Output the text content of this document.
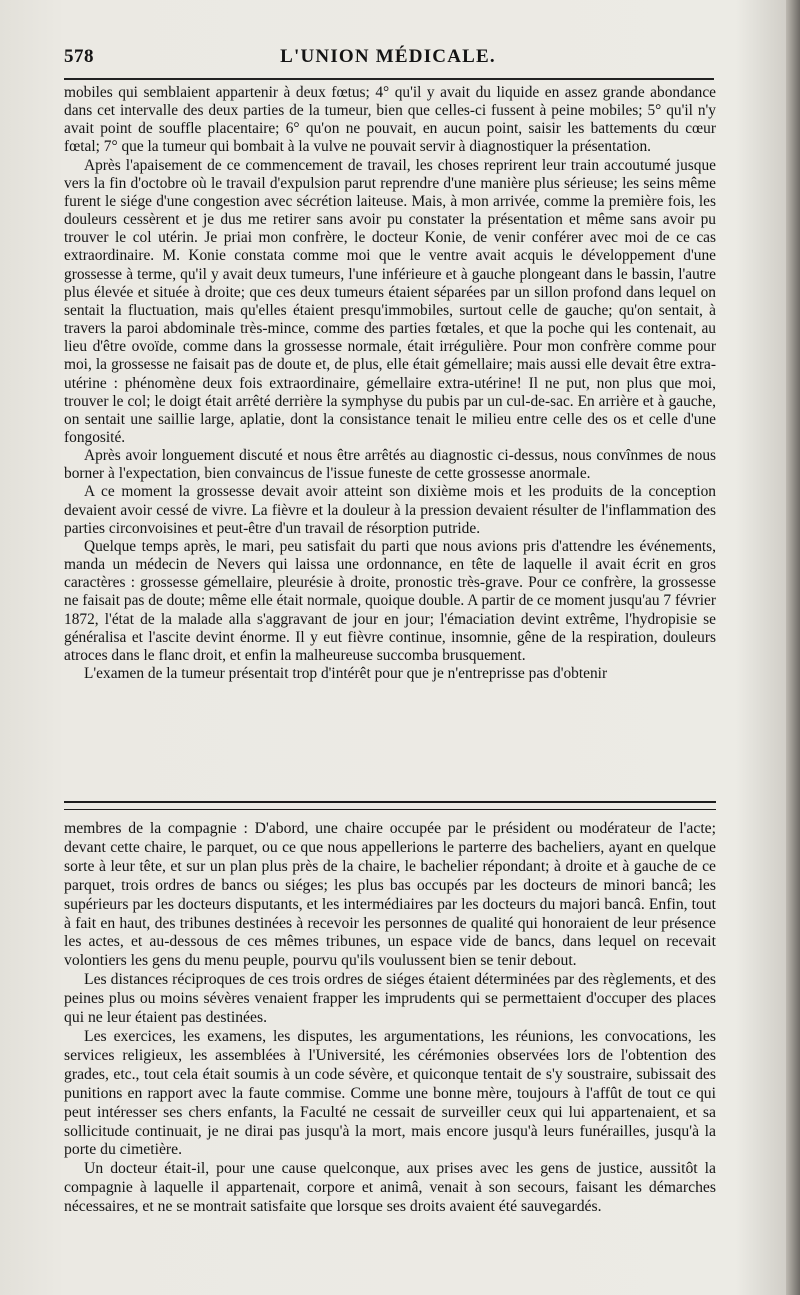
578	L'UNION MÉDICALE.

mobiles qui semblaient appartenir à deux fœtus; 4° qu'il y avait du liquide en assez grande abondance dans cet intervalle des deux parties de la tumeur, bien que celles-ci fussent à peine mobiles; 5° qu'il n'y avait point de souffle placentaire; 6° qu'on ne pouvait, en aucun point, saisir les battements du cœur fœtal; 7° que la tumeur qui bombait à la vulve ne pouvait servir à diagnostiquer la présentation.

Après l'apaisement de ce commencement de travail, les choses reprirent leur train accoutumé jusque vers la fin d'octobre où le travail d'expulsion parut reprendre d'une manière plus sérieuse; les seins même furent le siége d'une congestion avec sécrétion laiteuse. Mais, à mon arrivée, comme la première fois, les douleurs cessèrent et je dus me retirer sans avoir pu constater la présentation et même sans avoir pu trouver le col utérin. Je priai mon confrère, le docteur Konie, de venir conférer avec moi de ce cas extraordinaire. M. Konie constata comme moi que le ventre avait acquis le développement d'une grossesse à terme, qu'il y avait deux tumeurs, l'une inférieure et à gauche plongeant dans le bassin, l'autre plus élevée et située à droite; que ces deux tumeurs étaient séparées par un sillon profond dans lequel on sentait la fluctuation, mais qu'elles étaient presqu'immobiles, surtout celle de gauche; qu'on sentait, à travers la paroi abdominale très-mince, comme des parties fœtales, et que la poche qui les contenait, au lieu d'être ovoïde, comme dans la grossesse normale, était irrégulière. Pour mon confrère comme pour moi, la grossesse ne faisait pas de doute et, de plus, elle était gémellaire; mais aussi elle devait être extra-utérine : phénomène deux fois extraordinaire, gémellaire extra-utérine! Il ne put, non plus que moi, trouver le col; le doigt était arrêté derrière la symphyse du pubis par un cul-de-sac. En arrière et à gauche, on sentait une saillie large, aplatie, dont la consistance tenait le milieu entre celle des os et celle d'une fongosité.

Après avoir longuement discuté et nous être arrêtés au diagnostic ci-dessus, nous convînmes de nous borner à l'expectation, bien convaincus de l'issue funeste de cette grossesse anormale.

A ce moment la grossesse devait avoir atteint son dixième mois et les produits de la conception devaient avoir cessé de vivre. La fièvre et la douleur à la pression devaient résulter de l'inflammation des parties circonvoisines et peut-être d'un travail de résorption putride.

Quelque temps après, le mari, peu satisfait du parti que nous avions pris d'attendre les événements, manda un médecin de Nevers qui laissa une ordonnance, en tête de laquelle il avait écrit en gros caractères : grossesse gémellaire, pleurésie à droite, pronostic très-grave. Pour ce confrère, la grossesse ne faisait pas de doute; même elle était normale, quoique double. A partir de ce moment jusqu'au 7 février 1872, l'état de la malade alla s'aggravant de jour en jour; l'émaciation devint extrême, l'hydropisie se généralisa et l'ascite devint énorme. Il y eut fièvre continue, insomnie, gêne de la respiration, douleurs atroces dans le flanc droit, et enfin la malheureuse succomba brusquement.

L'examen de la tumeur présentait trop d'intérêt pour que je n'entreprisse pas d'obtenir

membres de la compagnie : D'abord, une chaire occupée par le président ou modérateur de l'acte; devant cette chaire, le parquet, ou ce que nous appellerions le parterre des bacheliers, ayant en quelque sorte à leur tête, et sur un plan plus près de la chaire, le bachelier répondant; à droite et à gauche de ce parquet, trois ordres de bancs ou siéges; les plus bas occupés par les docteurs de minori bancâ; les supérieurs par les docteurs disputants, et les intermédiaires par les docteurs du majori bancâ. Enfin, tout à fait en haut, des tribunes destinées à recevoir les personnes de qualité qui honoraient de leur présence les actes, et au-dessous de ces mêmes tribunes, un espace vide de bancs, dans lequel on recevait volontiers les gens du menu peuple, pourvu qu'ils voulussent bien se tenir debout.

Les distances réciproques de ces trois ordres de siéges étaient déterminées par des règlements, et des peines plus ou moins sévères venaient frapper les imprudents qui se permettaient d'occuper des places qui ne leur étaient pas destinées.

Les exercices, les examens, les disputes, les argumentations, les réunions, les convocations, les services religieux, les assemblées à l'Université, les cérémonies observées lors de l'obtention des grades, etc., tout cela était soumis à un code sévère, et quiconque tentait de s'y soustraire, subissait des punitions en rapport avec la faute commise. Comme une bonne mère, toujours à l'affût de tout ce qui peut intéresser ses chers enfants, la Faculté ne cessait de surveiller ceux qui lui appartenaient, et sa sollicitude continuait, je ne dirai pas jusqu'à la mort, mais encore jusqu'à leurs funérailles, jusqu'à la porte du cimetière.

Un docteur était-il, pour une cause quelconque, aux prises avec les gens de justice, aussitôt la compagnie à laquelle il appartenait, corpore et animâ, venait à son secours, faisant les démarches nécessaires, et ne se montrait satisfaite que lorsque ses droits avaient été sauvegardés.
